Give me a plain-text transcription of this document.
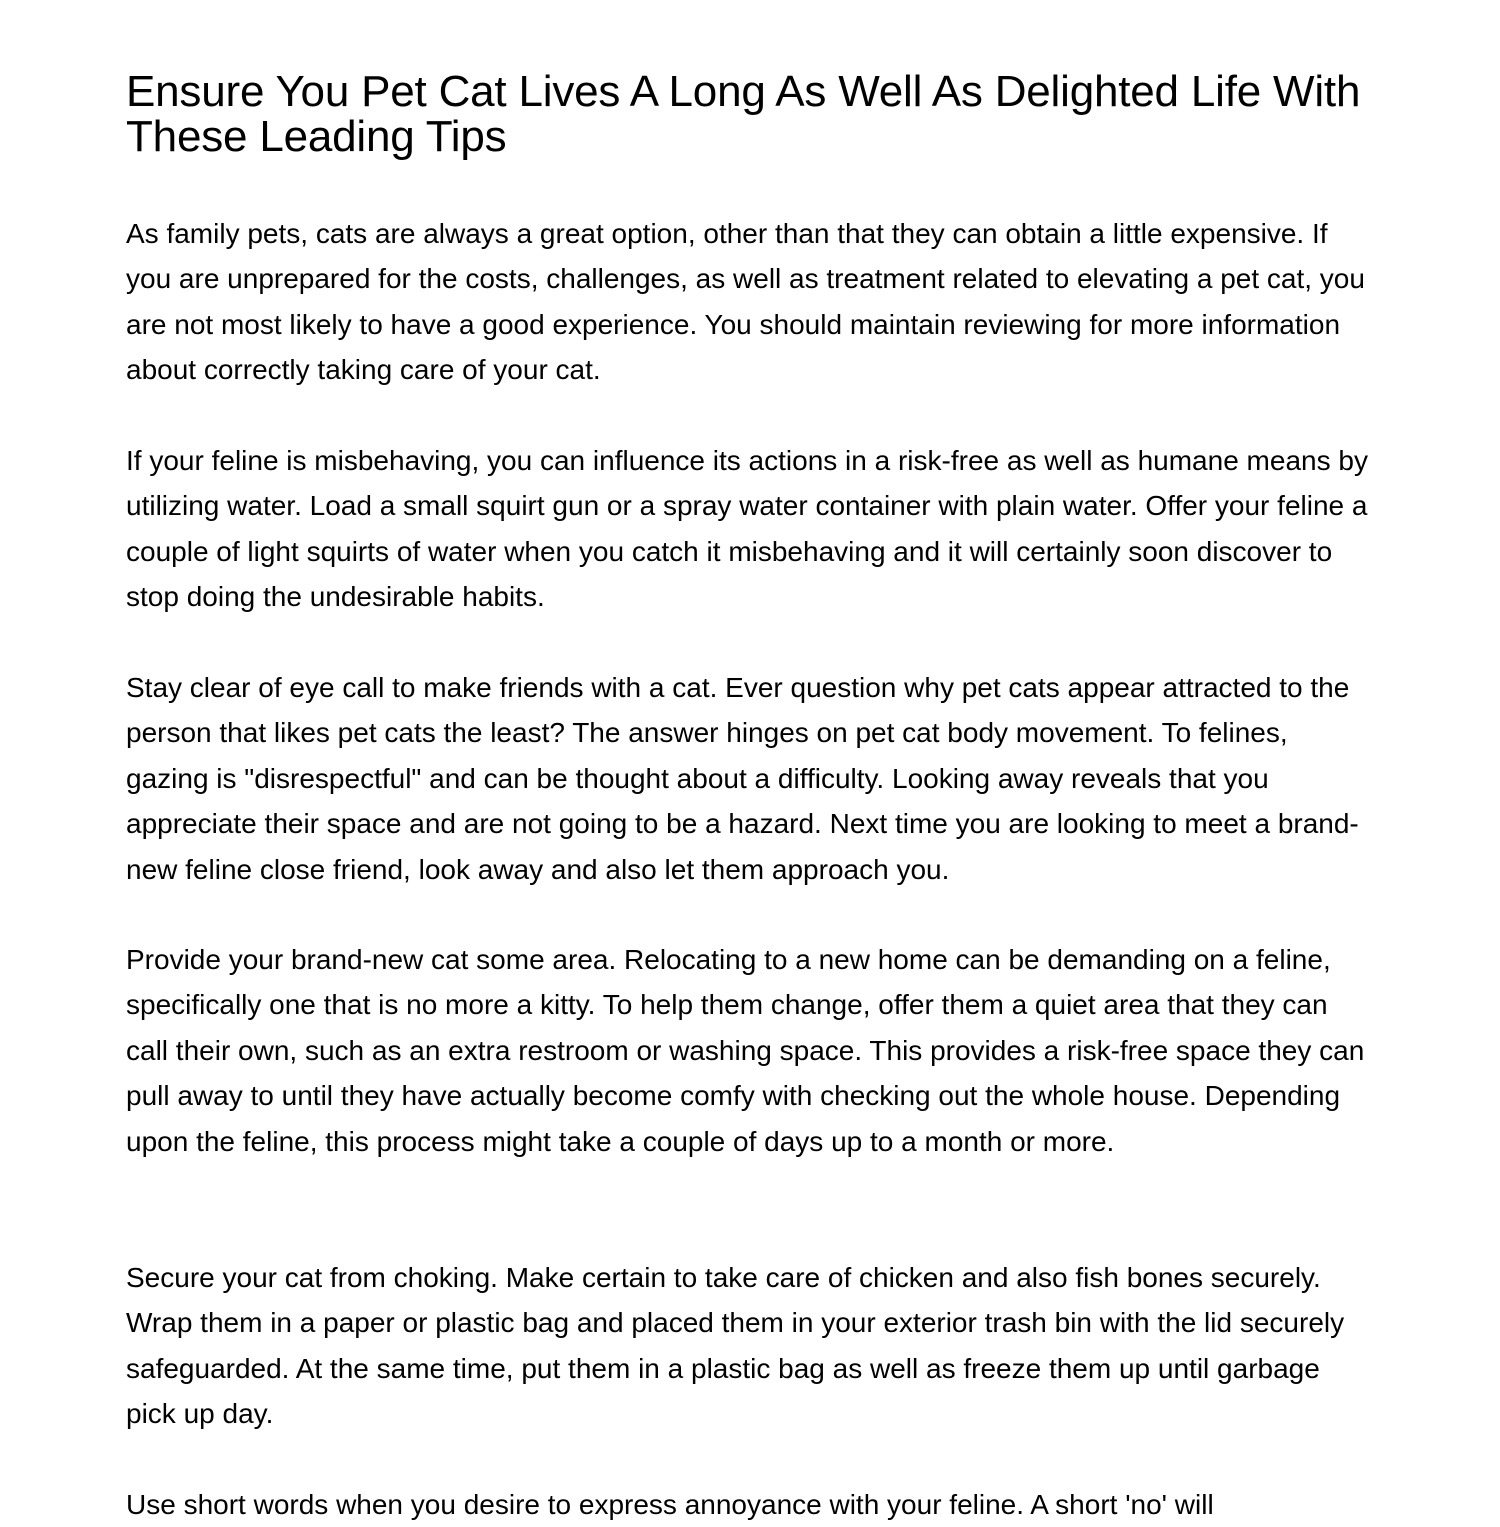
Ensure You Pet Cat Lives A Long As Well As Delighted Life With These Leading Tips

As family pets, cats are always a great option, other than that they can obtain a little expensive. If you are unprepared for the costs, challenges, as well as treatment related to elevating a pet cat, you are not most likely to have a good experience. You should maintain reviewing for more information about correctly taking care of your cat.

If your feline is misbehaving, you can influence its actions in a risk-free as well as humane means by utilizing water. Load a small squirt gun or a spray water container with plain water. Offer your feline a couple of light squirts of water when you catch it misbehaving and it will certainly soon discover to stop doing the undesirable habits.

Stay clear of eye call to make friends with a cat. Ever question why pet cats appear attracted to the person that likes pet cats the least? The answer hinges on pet cat body movement. To felines, gazing is "disrespectful" and can be thought about a difficulty. Looking away reveals that you appreciate their space and are not going to be a hazard. Next time you are looking to meet a brand-new feline close friend, look away and also let them approach you.

Provide your brand-new cat some area. Relocating to a new home can be demanding on a feline, specifically one that is no more a kitty. To help them change, offer them a quiet area that they can call their own, such as an extra restroom or washing space. This provides a risk-free space they can pull away to until they have actually become comfy with checking out the whole house. Depending upon the feline, this process might take a couple of days up to a month or more.

Secure your cat from choking. Make certain to take care of chicken and also fish bones securely. Wrap them in a paper or plastic bag and placed them in your exterior trash bin with the lid securely safeguarded. At the same time, put them in a plastic bag as well as freeze them up until garbage pick up day.

Use short words when you desire to express annoyance with your feline. A short 'no' will
